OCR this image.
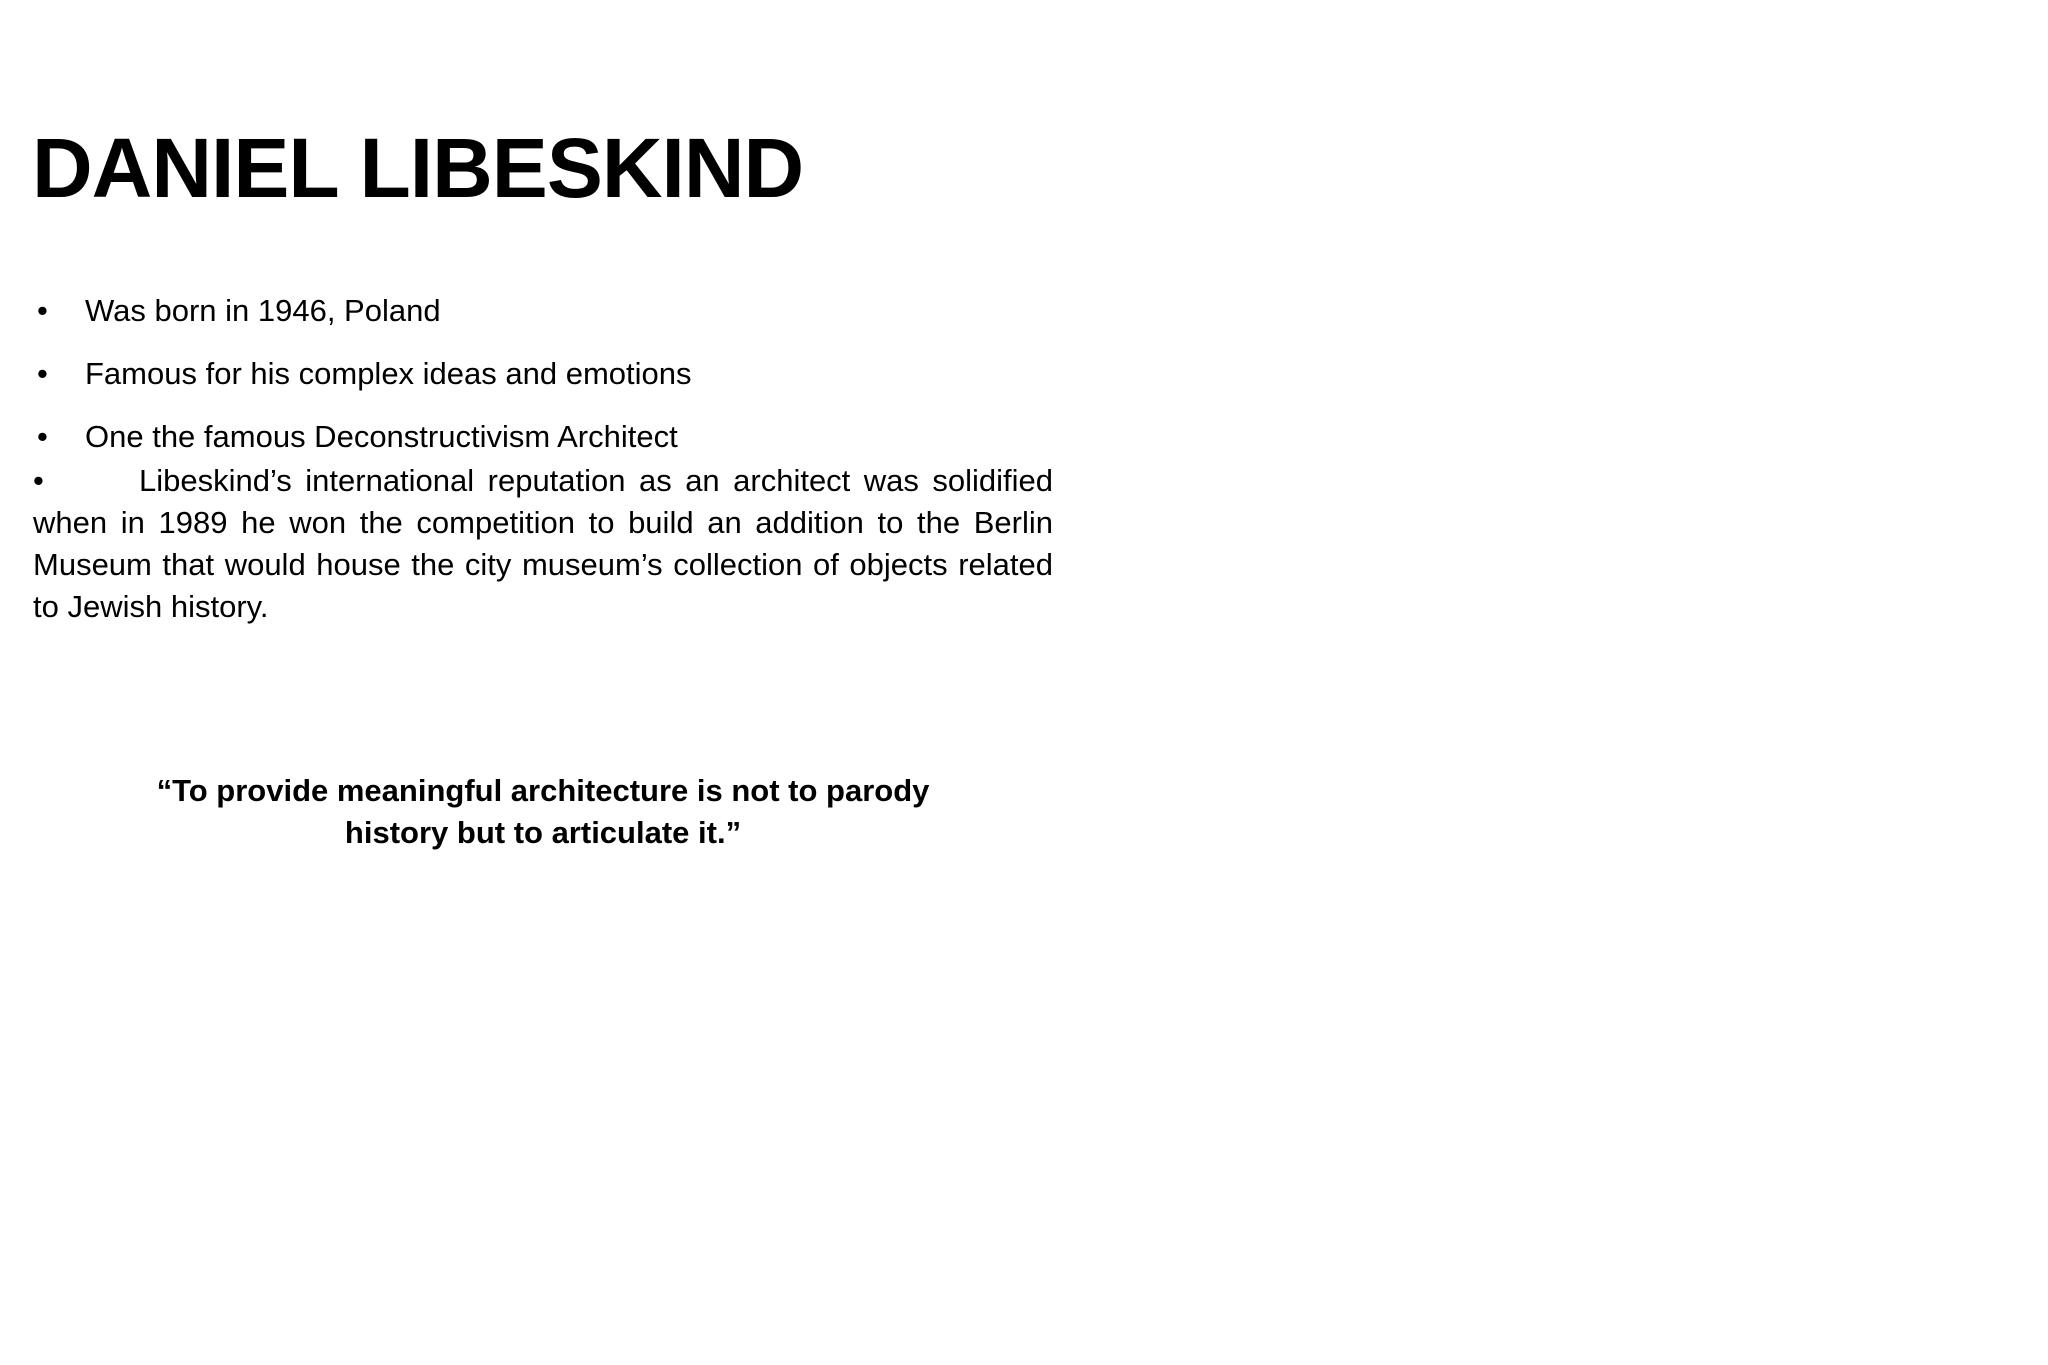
DANIEL LIBESKIND
• Was born in 1946, Poland
• Famous for his complex ideas and emotions
• One the famous Deconstructivism Architect

•	Libeskind’s international reputation as an architect was solidified when in 1989 he won the competition to build an addition to the Berlin Museum that would house the city museum’s collection of objects related to Jewish history.

“To provide meaningful architecture is not to parody
history but to articulate it.”
